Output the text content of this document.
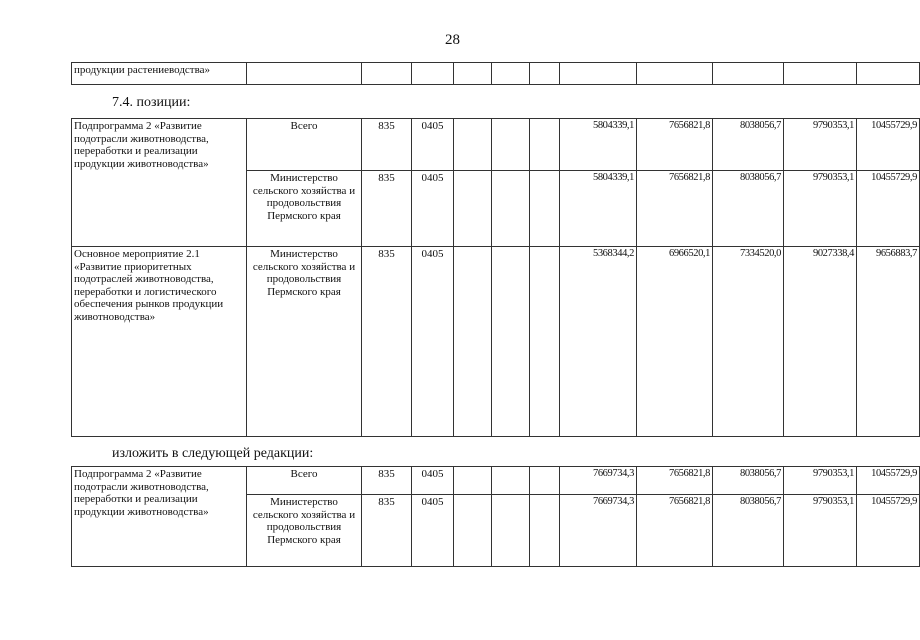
28
продукции растениеводства»											
7.4. позиции:
Подпрограмма 2 «Развитие подотрасли животноводства, переработки и реализации продукции животноводства»	Всего	835	0405				5804339,1	7656821,8	8038056,7	9790353,1	10455729,9
	Министерство сельского хозяйства и продовольствия Пермского края	835	0405				5804339,1	7656821,8	8038056,7	9790353,1	10455729,9
Основное мероприятие 2.1 «Развитие приоритетных подотраслей животноводства, переработки и логистического обеспечения рынков продукции животноводства»	Министерство сельского хозяйства и продовольствия Пермского края	835	0405				5368344,2	6966520,1	7334520,0	9027338,4	9656883,7
изложить в следующей редакции:
Подпрограмма 2 «Развитие подотрасли животноводства, переработки и реализации продукции животноводства»	Всего	835	0405				7669734,3	7656821,8	8038056,7	9790353,1	10455729,9
	Министерство сельского хозяйства и продовольствия Пермского края	835	0405				7669734,3	7656821,8	8038056,7	9790353,1	10455729,9
